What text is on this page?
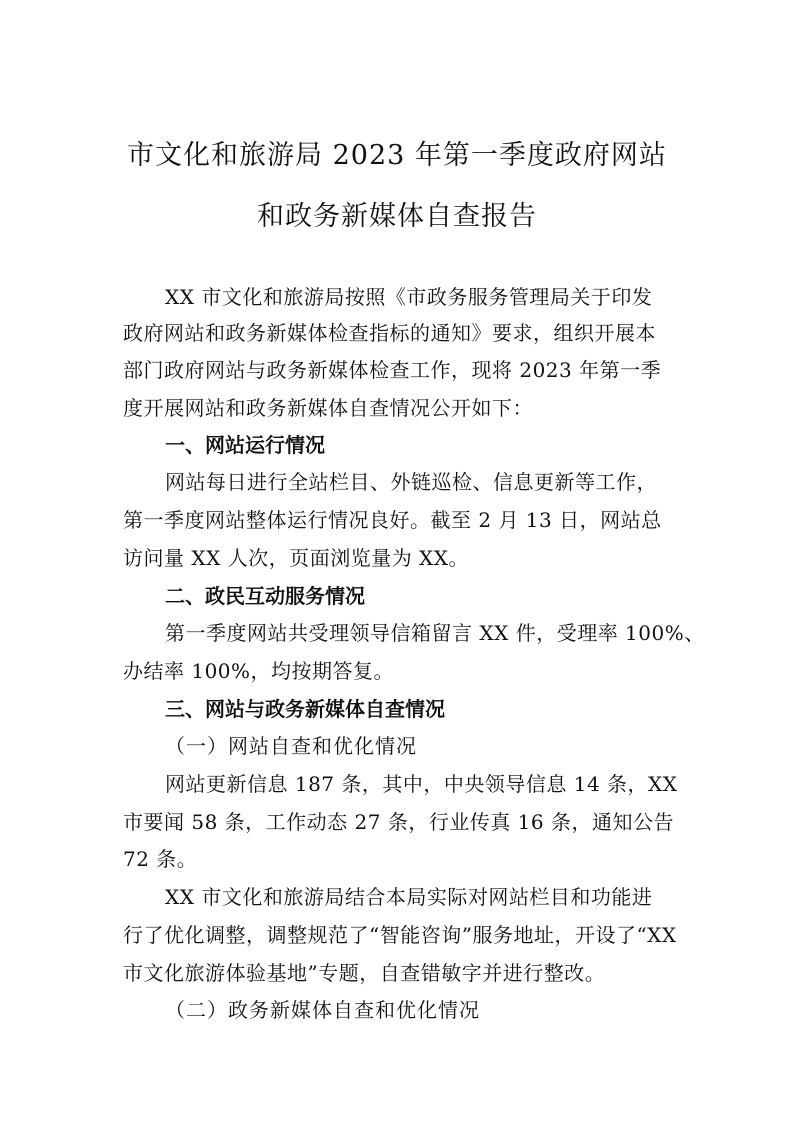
市文化和旅游局 2023 年第一季度政府网站
和政务新媒体自查报告
XX 市文化和旅游局按照《市政务服务管理局关于印发
政府网站和政务新媒体检查指标的通知》要求，组织开展本
部门政府网站与政务新媒体检查工作，现将 2023 年第一季
度开展网站和政务新媒体自查情况公开如下：
一、网站运行情况
网站每日进行全站栏目、外链巡检、信息更新等工作，
第一季度网站整体运行情况良好。截至 2 月 13 日，网站总
访问量 XX 人次，页面浏览量为 XX。
二、政民互动服务情况
第一季度网站共受理领导信箱留言 XX 件，受理率 100%、
办结率 100%，均按期答复。
三、网站与政务新媒体自查情况
（一）网站自查和优化情况
网站更新信息 187 条，其中，中央领导信息 14 条，XX
市要闻 58 条，工作动态 27 条，行业传真 16 条，通知公告
72 条。
XX 市文化和旅游局结合本局实际对网站栏目和功能进
行了优化调整，调整规范了“智能咨询”服务地址，开设了“XX
市文化旅游体验基地”专题，自查错敏字并进行整改。
（二）政务新媒体自查和优化情况
